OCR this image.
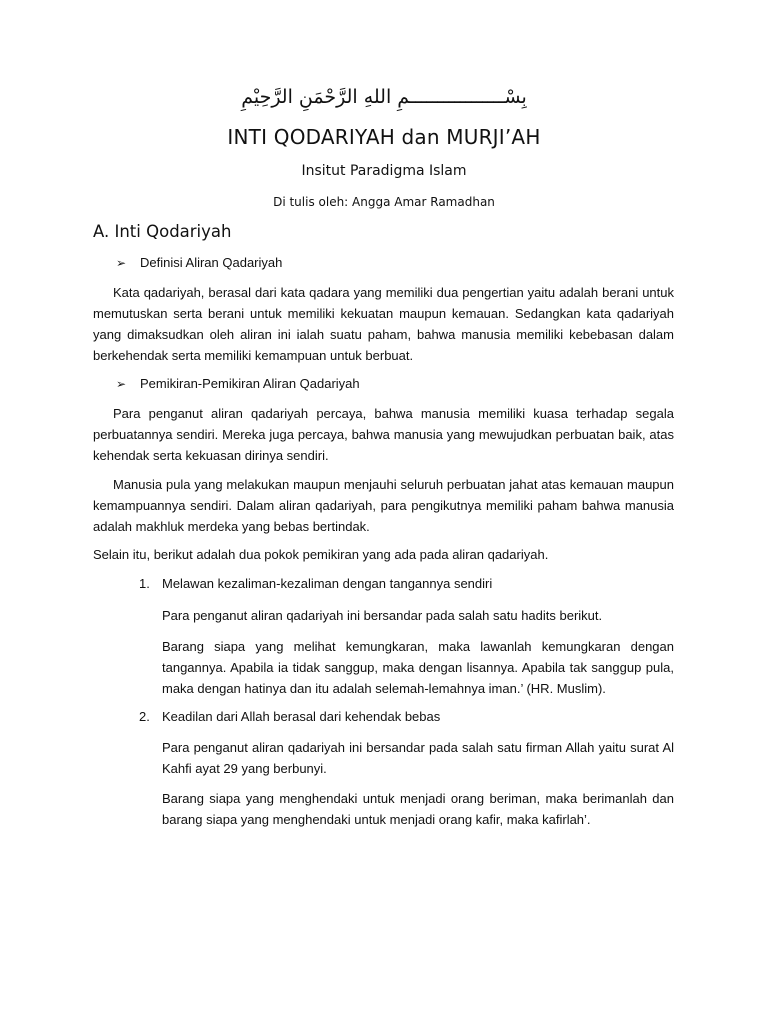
بِسْـــــــــــــــــمِ اللهِ الرَّحْمَنِ الرَّحِيْمِ
INTI QODARIYAH dan MURJI’AH
Insitut Paradigma Islam
Di tulis oleh: Angga Amar Ramadhan
A. Inti Qodariyah
➢ Definisi Aliran Qadariyah

Kata qadariyah, berasal dari kata qadara yang memiliki dua pengertian yaitu adalah berani untuk memutuskan serta berani untuk memiliki kekuatan maupun kemauan. Sedangkan kata qadariyah yang dimaksudkan oleh aliran ini ialah suatu paham, bahwa manusia memiliki kebebasan dalam berkehendak serta memiliki kemampuan untuk berbuat.

➢ Pemikiran-Pemikiran Aliran Qadariyah

Para penganut aliran qadariyah percaya, bahwa manusia memiliki kuasa terhadap segala perbuatannya sendiri. Mereka juga percaya, bahwa manusia yang mewujudkan perbuatan baik, atas kehendak serta kekuasan dirinya sendiri.

Manusia pula yang melakukan maupun menjauhi seluruh perbuatan jahat atas kemauan maupun kemampuannya sendiri. Dalam aliran qadariyah, para pengikutnya memiliki paham bahwa manusia adalah makhluk merdeka yang bebas bertindak.

Selain itu, berikut adalah dua pokok pemikiran yang ada pada aliran qadariyah.

1. Melawan kezaliman-kezaliman dengan tangannya sendiri

Para penganut aliran qadariyah ini bersandar pada salah satu hadits berikut.

Barang siapa yang melihat kemungkaran, maka lawanlah kemungkaran dengan tangannya. Apabila ia tidak sanggup, maka dengan lisannya. Apabila tak sanggup pula, maka dengan hatinya dan itu adalah selemah-lemahnya iman.’ (HR. Muslim).

2. Keadilan dari Allah berasal dari kehendak bebas

Para penganut aliran qadariyah ini bersandar pada salah satu firman Allah yaitu surat Al Kahfi ayat 29 yang berbunyi.

Barang siapa yang menghendaki untuk menjadi orang beriman, maka berimanlah dan barang siapa yang menghendaki untuk menjadi orang kafir, maka kafirlah’.
